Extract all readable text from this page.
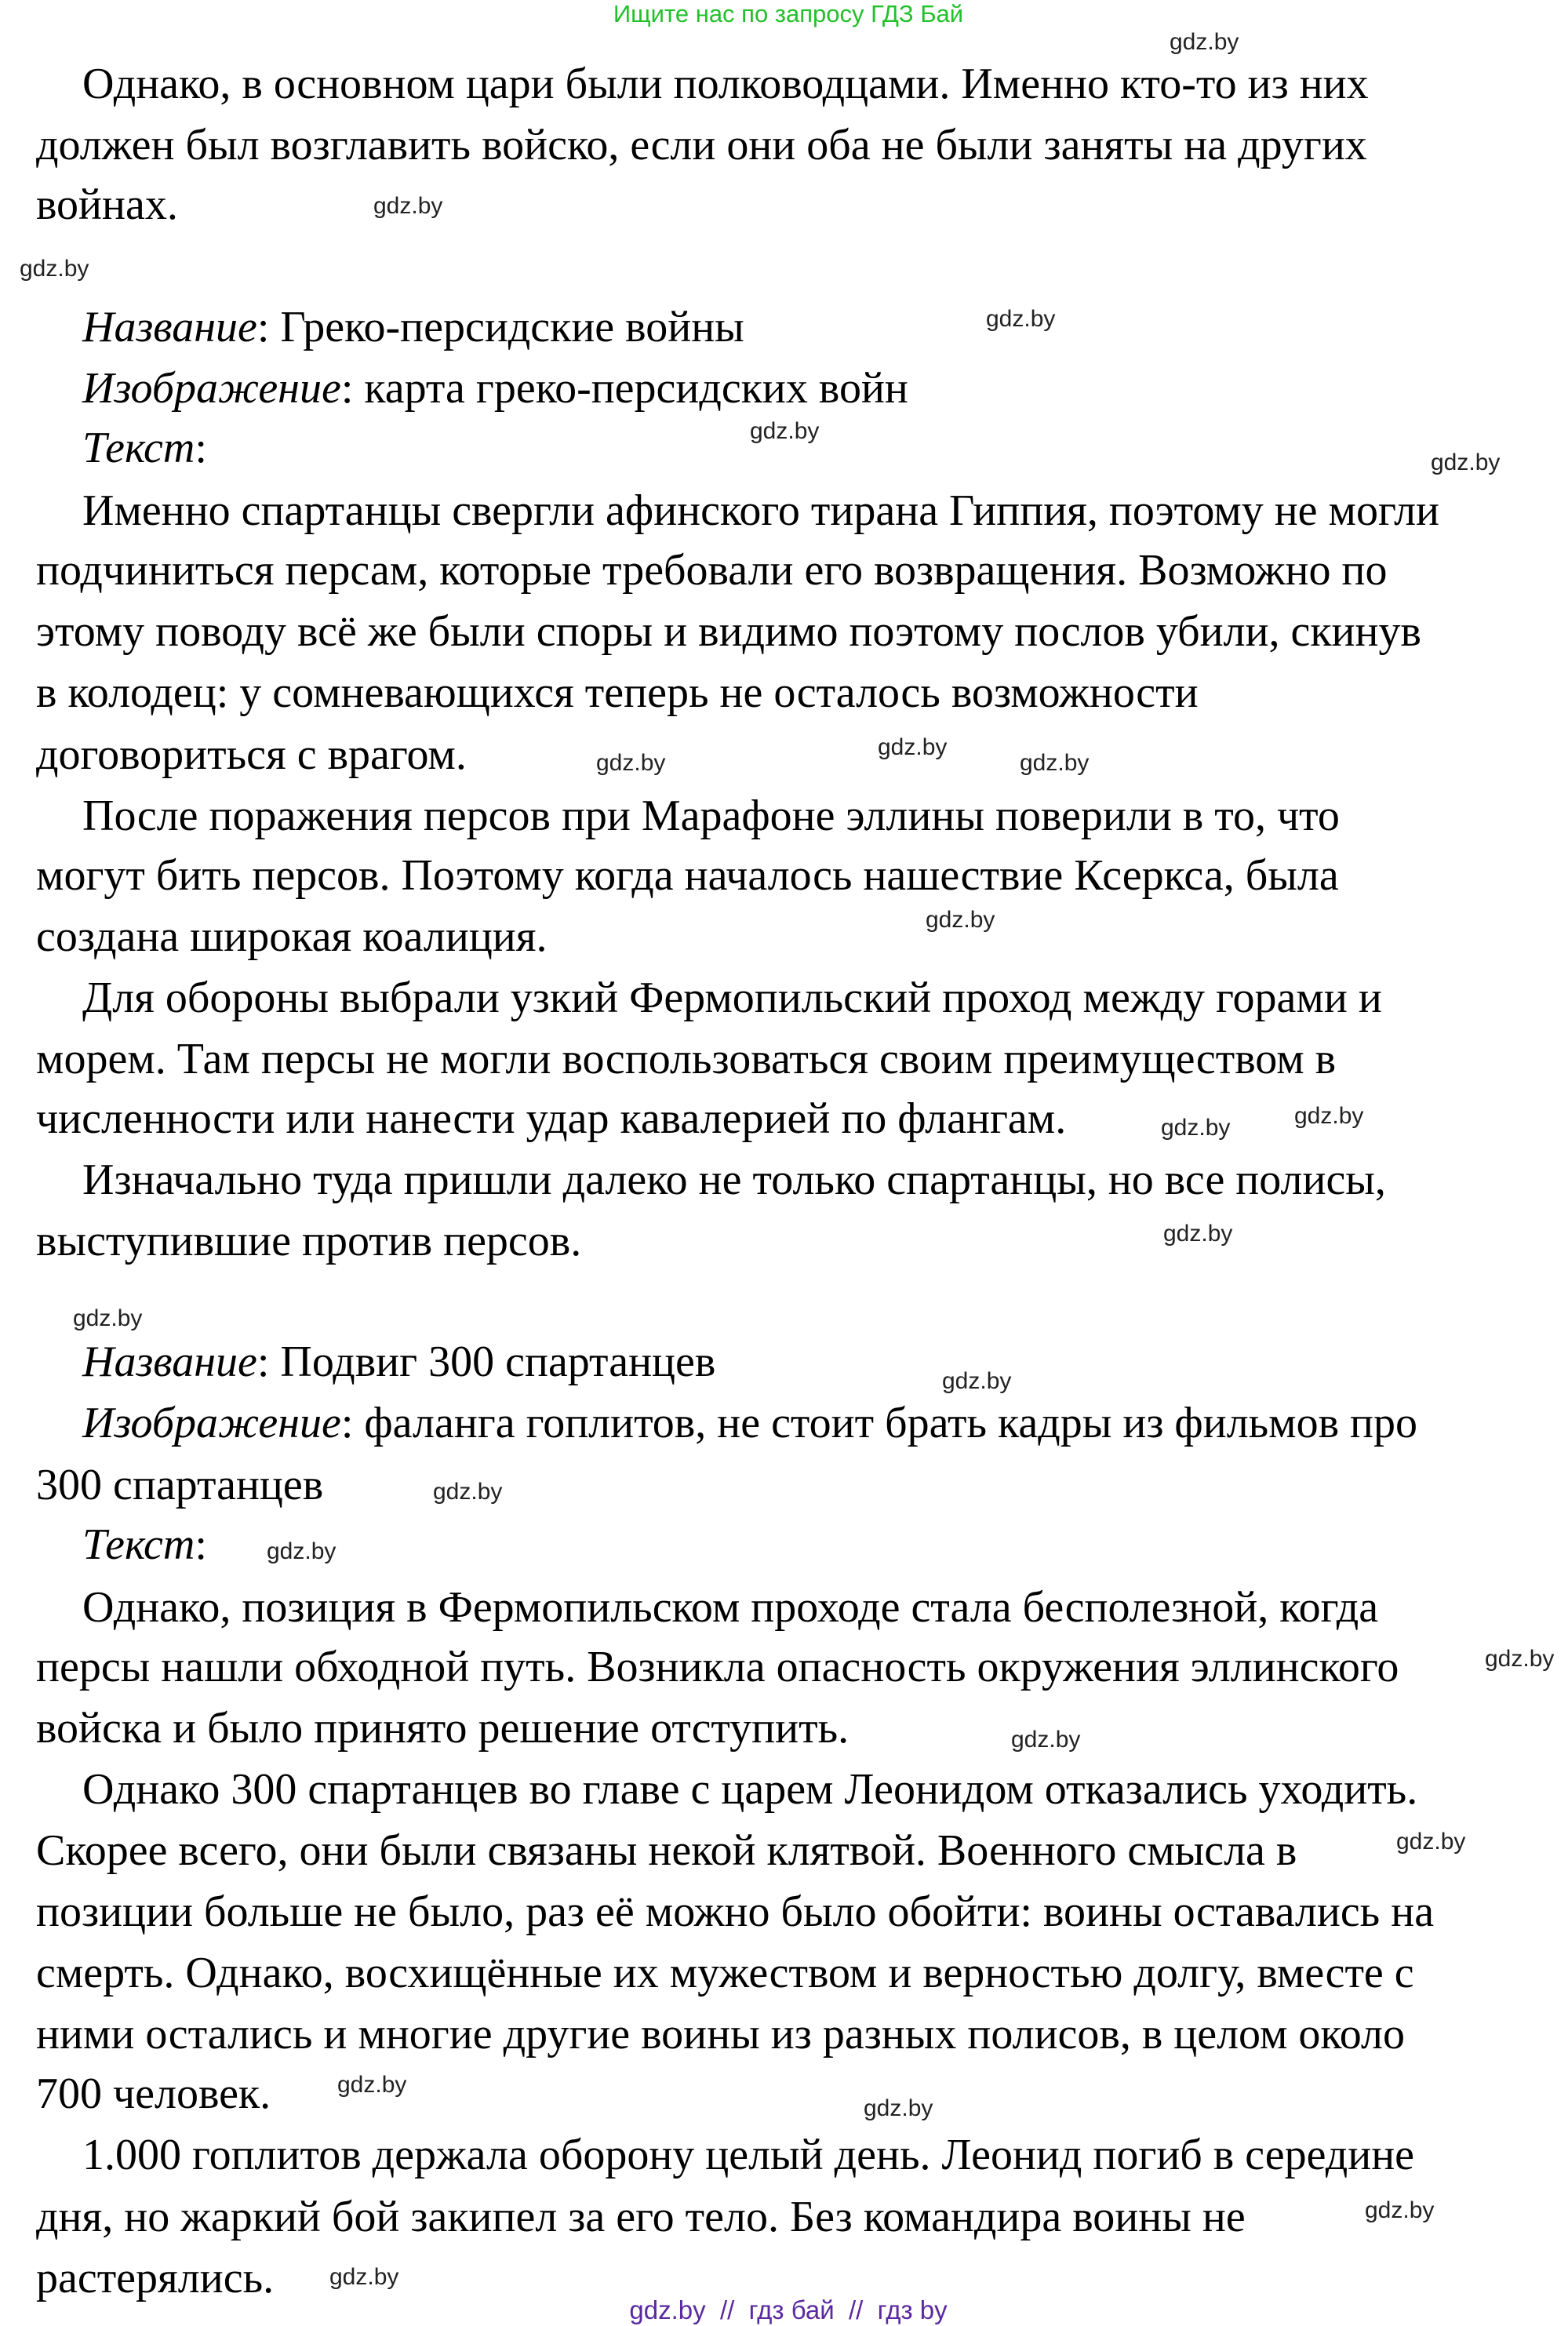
Ищите нас по запросу ГДЗ Бай
Однако, в основном цари были полководцами. Именно кто-то из них
должен был возглавить войско, если они оба не были заняты на других
войнах.
Название: Греко-персидские войны
Изображение: карта греко-персидских войн
Текст:
Именно спартанцы свергли афинского тирана Гиппия, поэтому не могли
подчиниться персам, которые требовали его возвращения. Возможно по
этому поводу всё же были споры и видимо поэтому послов убили, скинув
в колодец: у сомневающихся теперь не осталось возможности
договориться с врагом.
После поражения персов при Марафоне эллины поверили в то, что
могут бить персов. Поэтому когда началось нашествие Ксеркса, была
создана широкая коалиция.
Для обороны выбрали узкий Фермопильский проход между горами и
морем. Там персы не могли воспользоваться своим преимуществом в
численности или нанести удар кавалерией по флангам.
Изначально туда пришли далеко не только спартанцы, но все полисы,
выступившие против персов.
Название: Подвиг 300 спартанцев
Изображение: фаланга гоплитов, не стоит брать кадры из фильмов про
300 спартанцев
Текст:
Однако, позиция в Фермопильском проходе стала бесполезной, когда
персы нашли обходной путь. Возникла опасность окружения эллинского
войска и было принято решение отступить.
Однако 300 спартанцев во главе с царем Леонидом отказались уходить.
Скорее всего, они были связаны некой клятвой. Военного смысла в
позиции больше не было, раз её можно было обойти: воины оставались на
смерть. Однако, восхищённые их мужеством и верностью долгу, вместе с
ними остались и многие другие воины из разных полисов, в целом около
700 человек.
1.000 гоплитов держала оборону целый день. Леонид погиб в середине
дня, но жаркий бой закипел за его тело. Без командира воины не
растерялись.
gdz.by
gdz.by
gdz.by
gdz.by
gdz.by
gdz.by
gdz.by
gdz.by
gdz.by
gdz.by
gdz.by	gdz.by
gdz.by
gdz.by
gdz.by
gdz.by
gdz.by
gdz.by
gdz.by
gdz.by
gdz.by
gdz.by
gdz.by
gdz.by
gdz.by  //  гдз бай  //  гдз by
